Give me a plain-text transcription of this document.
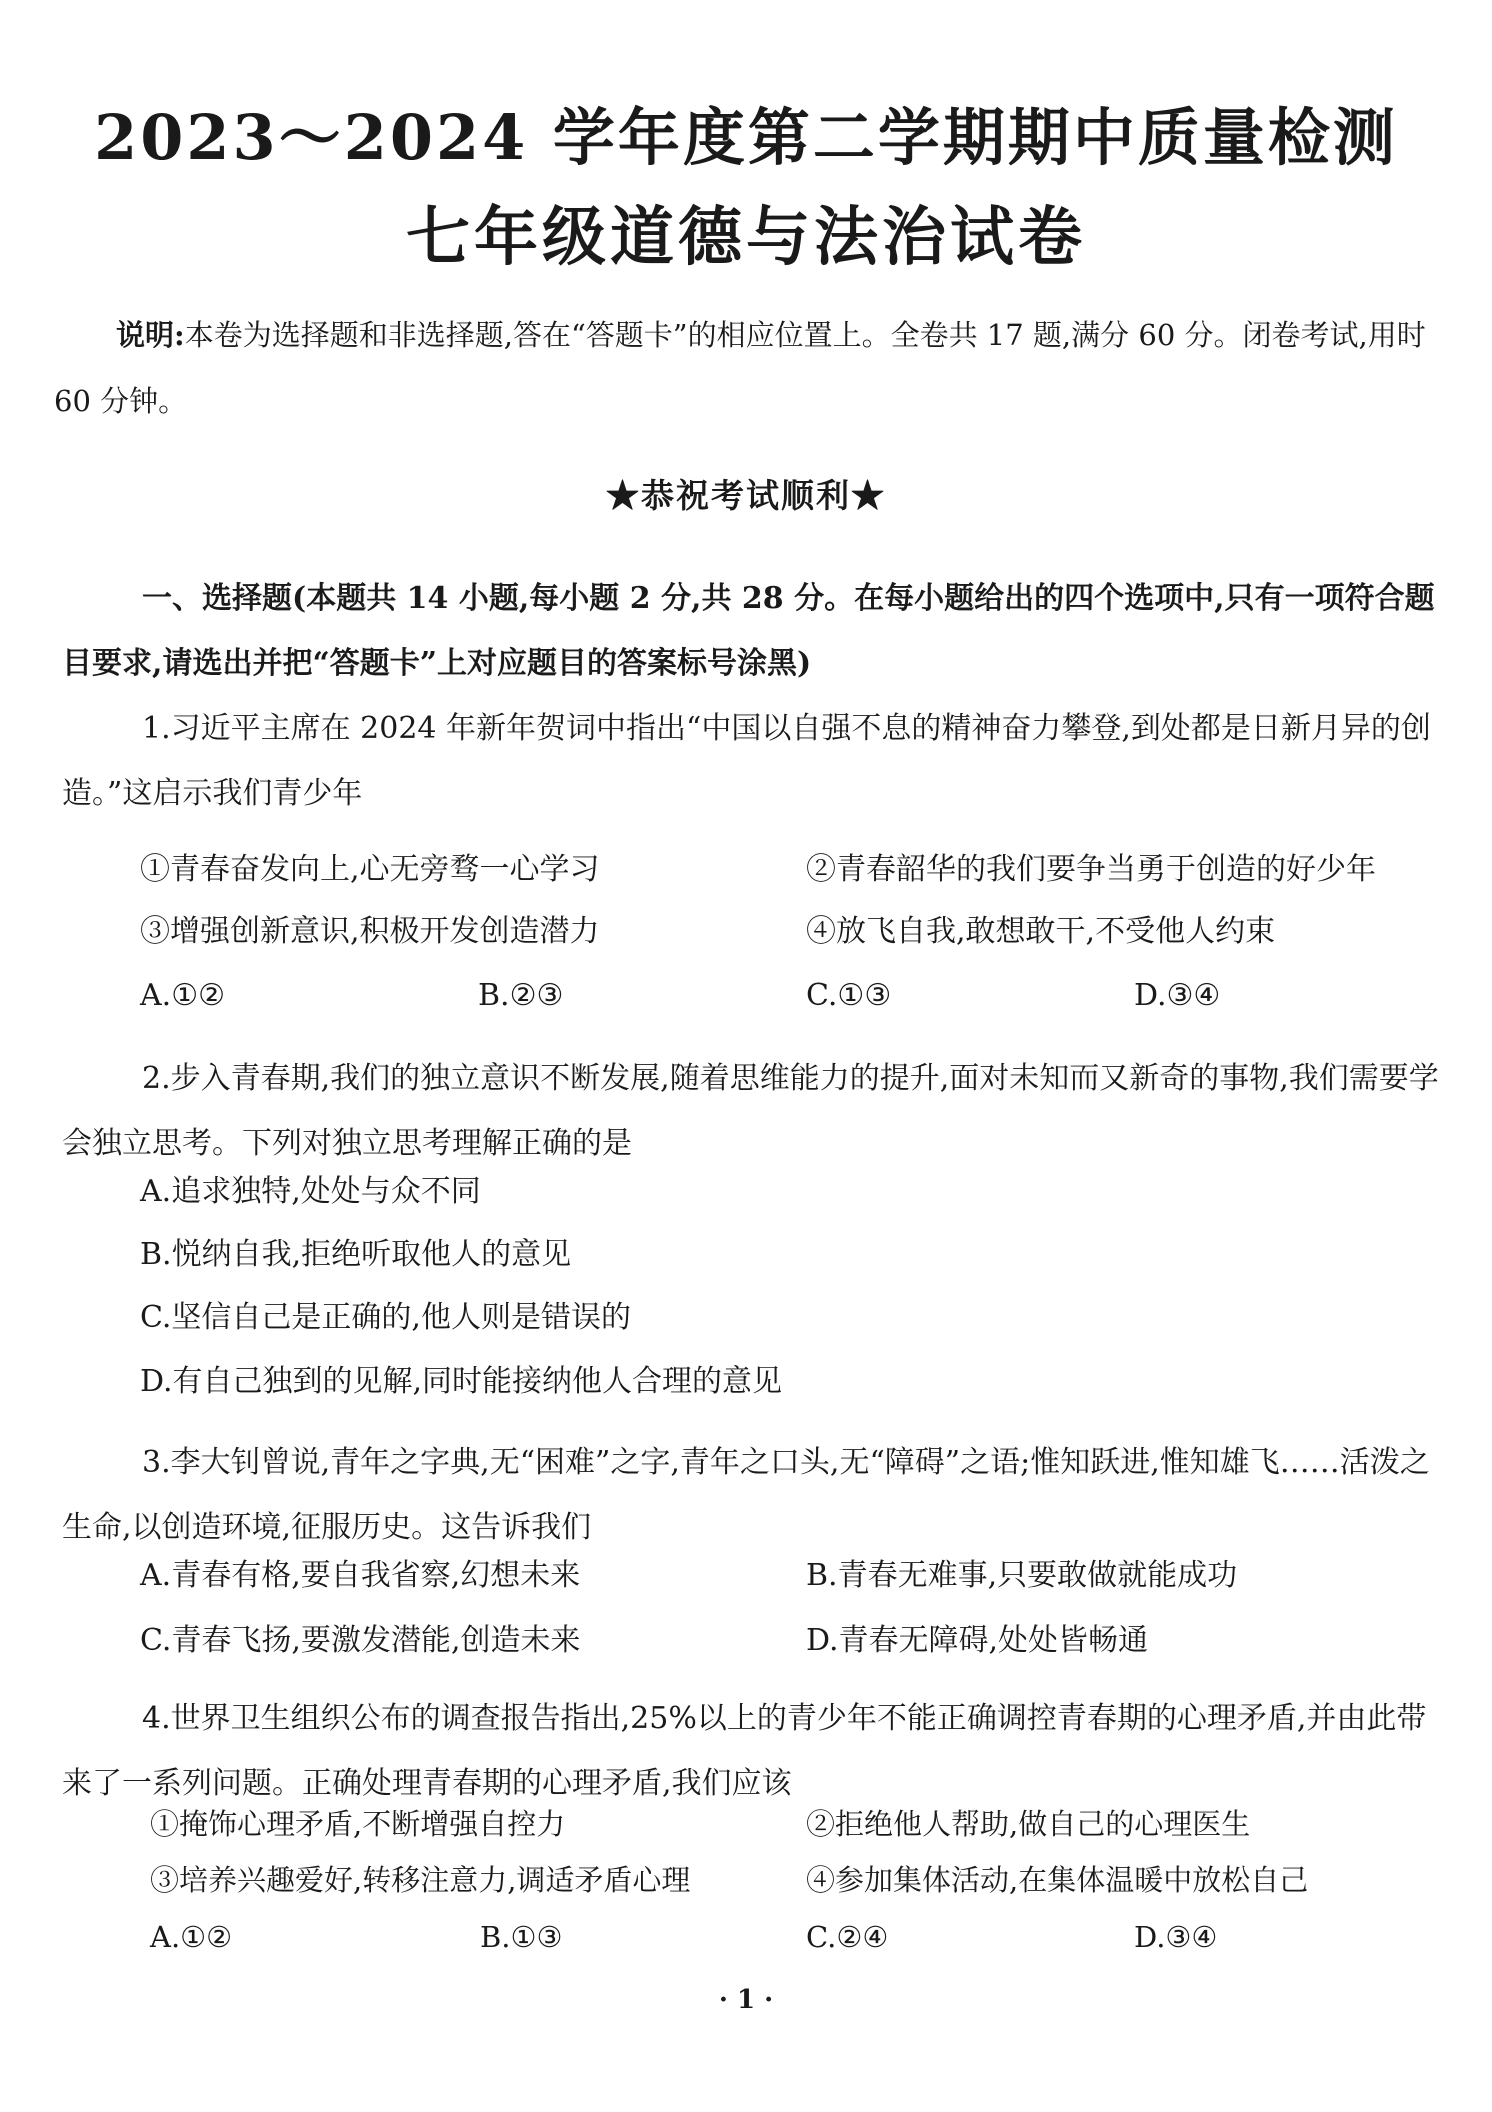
2023～2024 学年度第二学期期中质量检测
七年级道德与法治试卷
说明:本卷为选择题和非选择题,答在“答题卡”的相应位置上。全卷共 17 题,满分 60 分。闭卷考试,用时 60 分钟。
★恭祝考试顺利★
一、选择题(本题共 14 小题,每小题 2 分,共 28 分。在每小题给出的四个选项中,只有一项符合题目要求,请选出并把“答题卡”上对应题目的答案标号涂黑)
1.习近平主席在 2024 年新年贺词中指出“中国以自强不息的精神奋力攀登,到处都是日新月异的创造。”这启示我们青少年
①青春奋发向上,心无旁骛一心学习	②青春韶华的我们要争当勇于创造的好少年
③增强创新意识,积极开发创造潜力	④放飞自我,敢想敢干,不受他人约束
A.①②	B.②③	C.①③	D.③④
2.步入青春期,我们的独立意识不断发展,随着思维能力的提升,面对未知而又新奇的事物,我们需要学会独立思考。下列对独立思考理解正确的是
A.追求独特,处处与众不同
B.悦纳自我,拒绝听取他人的意见
C.坚信自己是正确的,他人则是错误的
D.有自己独到的见解,同时能接纳他人合理的意见
3.李大钊曾说,青年之字典,无“困难”之字,青年之口头,无“障碍”之语;惟知跃进,惟知雄飞……活泼之生命,以创造环境,征服历史。这告诉我们
A.青春有格,要自我省察,幻想未来	B.青春无难事,只要敢做就能成功
C.青春飞扬,要激发潜能,创造未来	D.青春无障碍,处处皆畅通
4.世界卫生组织公布的调查报告指出,25%以上的青少年不能正确调控青春期的心理矛盾,并由此带来了一系列问题。正确处理青春期的心理矛盾,我们应该
①掩饰心理矛盾,不断增强自控力	②拒绝他人帮助,做自己的心理医生
③培养兴趣爱好,转移注意力,调适矛盾心理	④参加集体活动,在集体温暖中放松自己
A.①②	B.①③	C.②④	D.③④
· 1 ·
